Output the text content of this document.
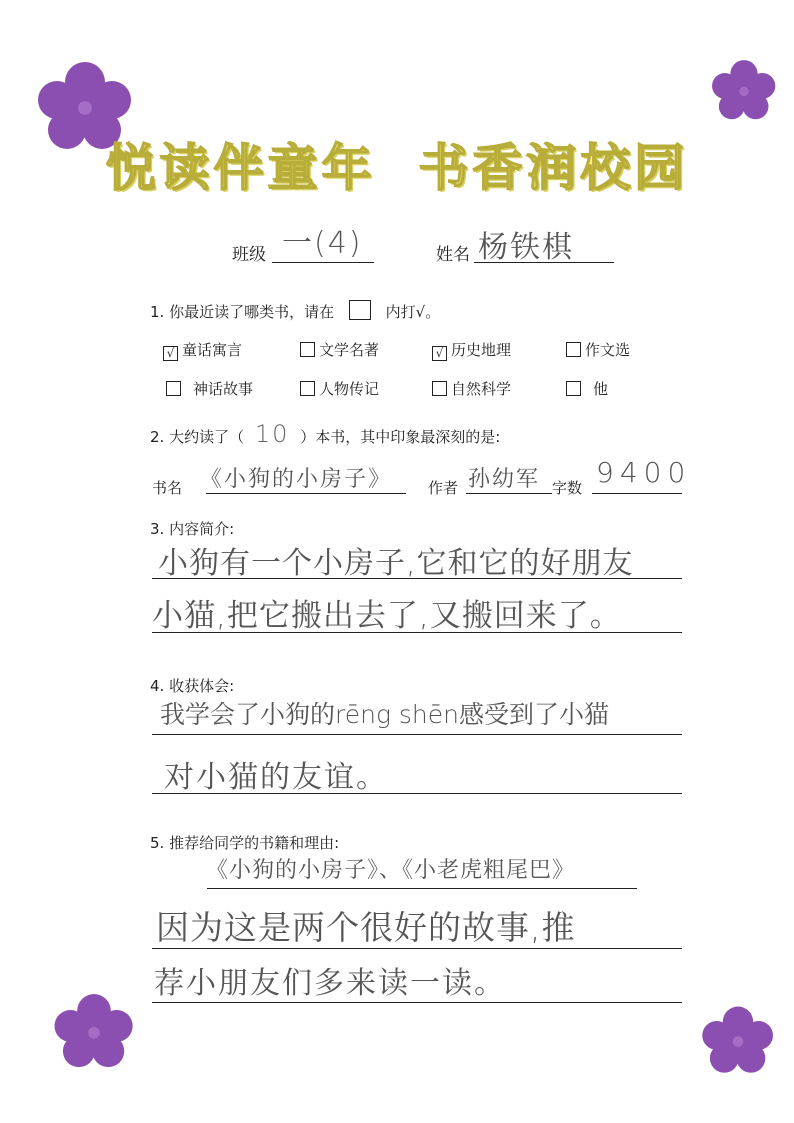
悦读伴童年  书香润校园
班级 一(4)	姓名 杨铁棋
1. 你最近读了哪类书，请在	内打√。
√ 童话寓言	文学名著	√ 历史地理	作文选
神话故事	人物传记	自然科学	他
2. 大约读了（ 10 ）本书，其中印象最深刻的是:
书名 《小狗的小房子》 作者 孙幼军 字数 9400
3. 内容简介:
小狗有一个小房子,它和它的好朋友
小猫,把它搬出去了,又搬回来了。
4. 收获体会:
我学会了小狗的rēng shēn感受到了小猫
对小猫的友谊。
5. 推荐给同学的书籍和理由:
《小狗的小房子》、《小老虎粗尾巴》
因为这是两个很好的故事,推
荐小朋友们多来读一读。
